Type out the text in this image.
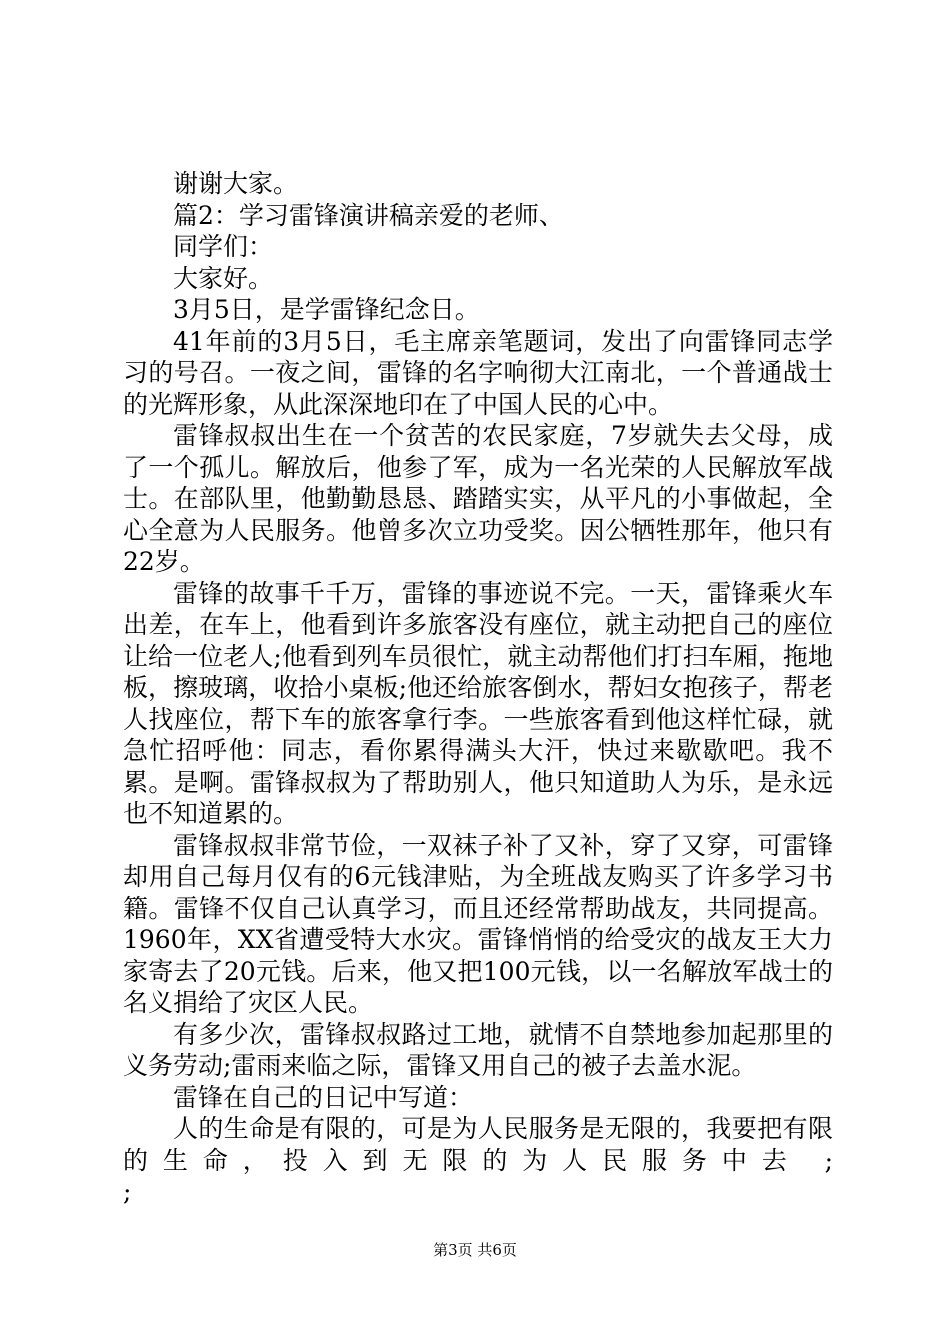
谢谢大家。

篇2：学习雷锋演讲稿亲爱的老师、

同学们：

大家好。

3月5日，是学雷锋纪念日。

41年前的3月5日，毛主席亲笔题词，发出了向雷锋同志学习的号召。一夜之间，雷锋的名字响彻大江南北，一个普通战士的光辉形象，从此深深地印在了中国人民的心中。

雷锋叔叔出生在一个贫苦的农民家庭，7岁就失去父母，成了一个孤儿。解放后，他参了军，成为一名光荣的人民解放军战士。在部队里，他勤勤恳恳、踏踏实实，从平凡的小事做起，全心全意为人民服务。他曾多次立功受奖。因公牺牲那年，他只有22岁。

雷锋的故事千千万，雷锋的事迹说不完。一天，雷锋乘火车出差，在车上，他看到许多旅客没有座位，就主动把自己的座位让给一位老人;他看到列车员很忙，就主动帮他们打扫车厢，拖地板，擦玻璃，收拾小桌板;他还给旅客倒水，帮妇女抱孩子，帮老人找座位，帮下车的旅客拿行李。一些旅客看到他这样忙碌，就急忙招呼他：同志，看你累得满头大汗，快过来歇歇吧。我不累。是啊。雷锋叔叔为了帮助别人，他只知道助人为乐，是永远也不知道累的。

雷锋叔叔非常节俭，一双袜子补了又补，穿了又穿，可雷锋却用自己每月仅有的6元钱津贴，为全班战友购买了许多学习书籍。雷锋不仅自己认真学习，而且还经常帮助战友，共同提高。1960年，XX省遭受特大水灾。雷锋悄悄的给受灾的战友王大力家寄去了20元钱。后来，他又把100元钱，以一名解放军战士的名义捐给了灾区人民。

有多少次，雷锋叔叔路过工地，就情不自禁地参加起那里的义务劳动;雷雨来临之际，雷锋又用自己的被子去盖水泥。

雷锋在自己的日记中写道：

人的生命是有限的，可是为人民服务是无限的，我要把有限的生命，投入到无限的为人民服务中去 ;

;

第3页 共6页
